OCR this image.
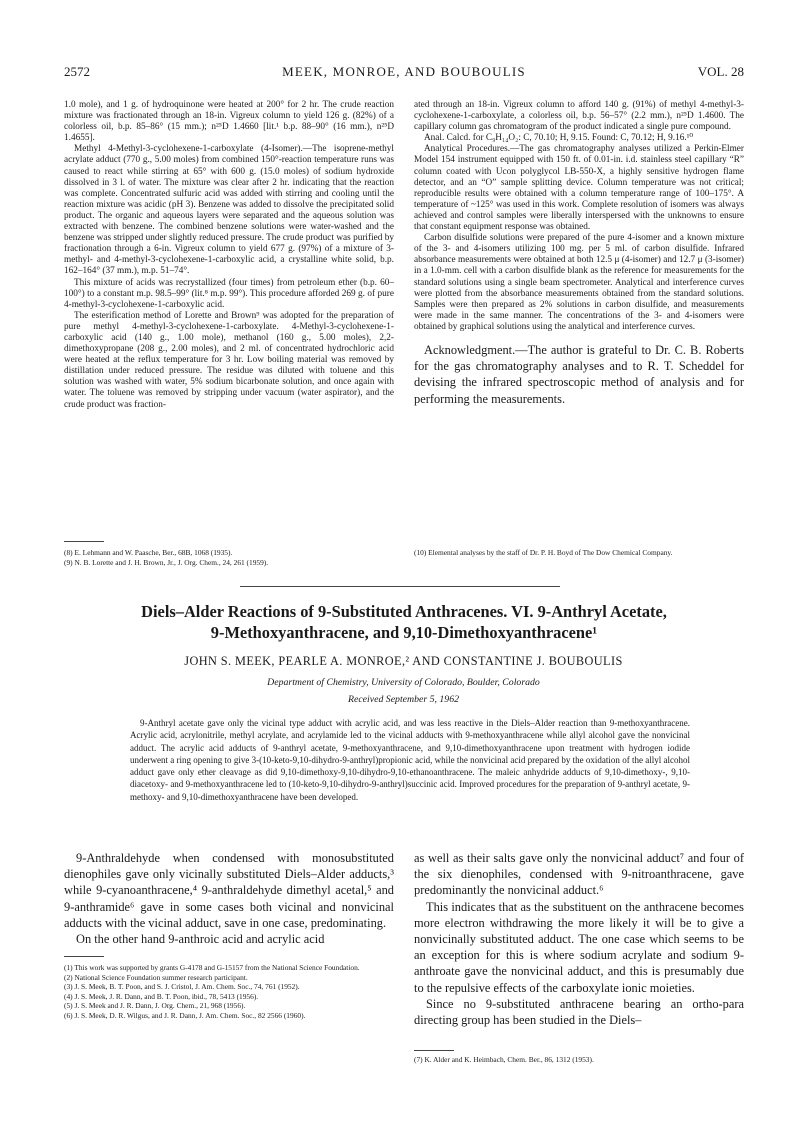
2572	MEEK, MONROE, AND BOUBOULIS	VOL. 28

1.0 mole), and 1 g. of hydroquinone were heated at 200° for 2 hr. The crude reaction mixture was fractionated through an 18-in. Vigreux column to yield 126 g. (82%) of a colorless oil, b.p. 85–86° (15 mm.); n²⁵D 1.4660 [lit.¹ b.p. 88–90° (16 mm.), n²⁵D 1.4655].

Methyl 4-Methyl-3-cyclohexene-1-carboxylate (4-Isomer).—The isoprene-methyl acrylate adduct (770 g., 5.00 moles) from combined 150°-reaction temperature runs was caused to react while stirring at 65° with 600 g. (15.0 moles) of sodium hydroxide dissolved in 3 l. of water. The mixture was clear after 2 hr. indicating that the reaction was complete. Concentrated sulfuric acid was added with stirring and cooling until the reaction mixture was acidic (pH 3). Benzene was added to dissolve the precipitated solid product. The organic and aqueous layers were separated and the aqueous solution was extracted with benzene. The combined benzene solutions were water-washed and the benzene was stripped under slightly reduced pressure. The crude product was purified by fractionation through a 6-in. Vigreux column to yield 677 g. (97%) of a mixture of 3-methyl- and 4-methyl-3-cyclohexene-1-carboxylic acid, a crystalline white solid, b.p. 162–164° (37 mm.), m.p. 51–74°.

This mixture of acids was recrystallized (four times) from petroleum ether (b.p. 60–100°) to a constant m.p. 98.5–99° (lit.⁸ m.p. 99°). This procedure afforded 269 g. of pure 4-methyl-3-cyclohexene-1-carboxylic acid.

The esterification method of Lorette and Brown⁹ was adopted for the preparation of pure methyl 4-methyl-3-cyclohexene-1-carboxylate. 4-Methyl-3-cyclohexene-1-carboxylic acid (140 g., 1.00 mole), methanol (160 g., 5.00 moles), 2,2-dimethoxypropane (208 g., 2.00 moles), and 2 ml. of concentrated hydrochloric acid were heated at the reflux temperature for 3 hr. Low boiling material was removed by distillation under reduced pressure. The residue was diluted with toluene and this solution was washed with water, 5% sodium bicarbonate solution, and once again with water. The toluene was removed by stripping under vacuum (water aspirator), and the crude product was fraction-

ated through an 18-in. Vigreux column to afford 140 g. (91%) of methyl 4-methyl-3-cyclohexene-1-carboxylate, a colorless oil, b.p. 56–57° (2.2 mm.), n²⁵D 1.4600. The capillary column gas chromatogram of the product indicated a single pure compound.

Anal. Calcd. for C₉H₁₄O₂: C, 70.10; H, 9.15. Found: C, 70.12; H, 9.16.¹⁰

Analytical Procedures.—The gas chromatography analyses utilized a Perkin-Elmer Model 154 instrument equipped with 150 ft. of 0.01-in. i.d. stainless steel capillary “R” column coated with Ucon polyglycol LB-550-X, a highly sensitive hydrogen flame detector, and an “O” sample splitting device. Column temperature was not critical; reproducible results were obtained with a column temperature range of 100–175°. A temperature of ~125° was used in this work. Complete resolution of isomers was always achieved and control samples were liberally interspersed with the unknowns to ensure that constant equipment response was obtained.

Carbon disulfide solutions were prepared of the pure 4-isomer and a known mixture of the 3- and 4-isomers utilizing 100 mg. per 5 ml. of carbon disulfide. Infrared absorbance measurements were obtained at both 12.5 μ (4-isomer) and 12.7 μ (3-isomer) in a 1.0-mm. cell with a carbon disulfide blank as the reference for measurements for the standard solutions using a single beam spectrometer. Analytical and interference curves were plotted from the absorbance measurements obtained from the standard solutions. Samples were then prepared as 2% solutions in carbon disulfide, and measurements were made in the same manner. The concentrations of the 3- and 4-isomers were obtained by graphical solutions using the analytical and interference curves.

Acknowledgment.—The author is grateful to Dr. C. B. Roberts for the gas chromatography analyses and to R. T. Scheddel for devising the infrared spectroscopic method of analysis and for performing the measurements.

(8) E. Lehmann and W. Paasche, Ber., 68B, 1068 (1935).
(9) N. B. Lorette and J. H. Brown, Jr., J. Org. Chem., 24, 261 (1959).
(10) Elemental analyses by the staff of Dr. P. H. Boyd of The Dow Chemical Company.
Diels–Alder Reactions of 9-Substituted Anthracenes. VI. 9-Anthryl Acetate,
9-Methoxyanthracene, and 9,10-Dimethoxyanthracene¹
JOHN S. MEEK, PEARLE A. MONROE,² AND CONSTANTINE J. BOUBOULIS
Department of Chemistry, University of Colorado, Boulder, Colorado
Received September 5, 1962

9-Anthryl acetate gave only the vicinal type adduct with acrylic acid, and was less reactive in the Diels–Alder reaction than 9-methoxyanthracene. Acrylic acid, acrylonitrile, methyl acrylate, and acrylamide led to the vicinal adducts with 9-methoxyanthracene while allyl alcohol gave the nonvicinal adduct. The acrylic acid adducts of 9-anthryl acetate, 9-methoxyanthracene, and 9,10-dimethoxyanthracene upon treatment with hydrogen iodide underwent a ring opening to give 3-(10-keto-9,10-dihydro-9-anthryl)propionic acid, while the nonvicinal acid prepared by the oxidation of the allyl alcohol adduct gave only ether cleavage as did 9,10-dimethoxy-9,10-dihydro-9,10-ethanoanthracene. The maleic anhydride adducts of 9,10-dimethoxy-, 9,10-diacetoxy- and 9-methoxyanthracene led to (10-keto-9,10-dihydro-9-anthryl)succinic acid. Improved procedures for the preparation of 9-anthryl acetate, 9-methoxy- and 9,10-dimethoxyanthracene have been developed.

9-Anthraldehyde when condensed with monosubstituted dienophiles gave only vicinally substituted Diels–Alder adducts,³ while 9-cyanoanthracene,⁴ 9-anthraldehyde dimethyl acetal,⁵ and 9-anthramide⁶ gave in some cases both vicinal and nonvicinal adducts with the vicinal adduct, save in one case, predominating.

On the other hand 9-anthroic acid and acrylic acid

as well as their salts gave only the nonvicinal adduct⁷ and four of the six dienophiles, condensed with 9-nitroanthracene, gave predominantly the nonvicinal adduct.⁶

This indicates that as the substituent on the anthracene becomes more electron withdrawing the more likely it will be to give a nonvicinally substituted adduct. The one case which seems to be an exception for this is where sodium acrylate and sodium 9-anthroate gave the nonvicinal adduct, and this is presumably due to the repulsive effects of the carboxylate ionic moieties.

Since no 9-substituted anthracene bearing an ortho-para directing group has been studied in the Diels–

(1) This work was supported by grants G-4178 and G-15157 from the National Science Foundation.
(2) National Science Foundation summer research participant.
(3) J. S. Meek, B. T. Poon, and S. J. Cristol, J. Am. Chem. Soc., 74, 761 (1952).
(4) J. S. Meek, J. R. Dann, and B. T. Poon, ibid., 78, 5413 (1956).
(5) J. S. Meek and J. R. Dann, J. Org. Chem., 21, 968 (1956).
(6) J. S. Meek, D. R. Wilgus, and J. R. Dann, J. Am. Chem. Soc., 82 2566 (1960).
(7) K. Alder and K. Heimbach, Chem. Ber., 86, 1312 (1953).
